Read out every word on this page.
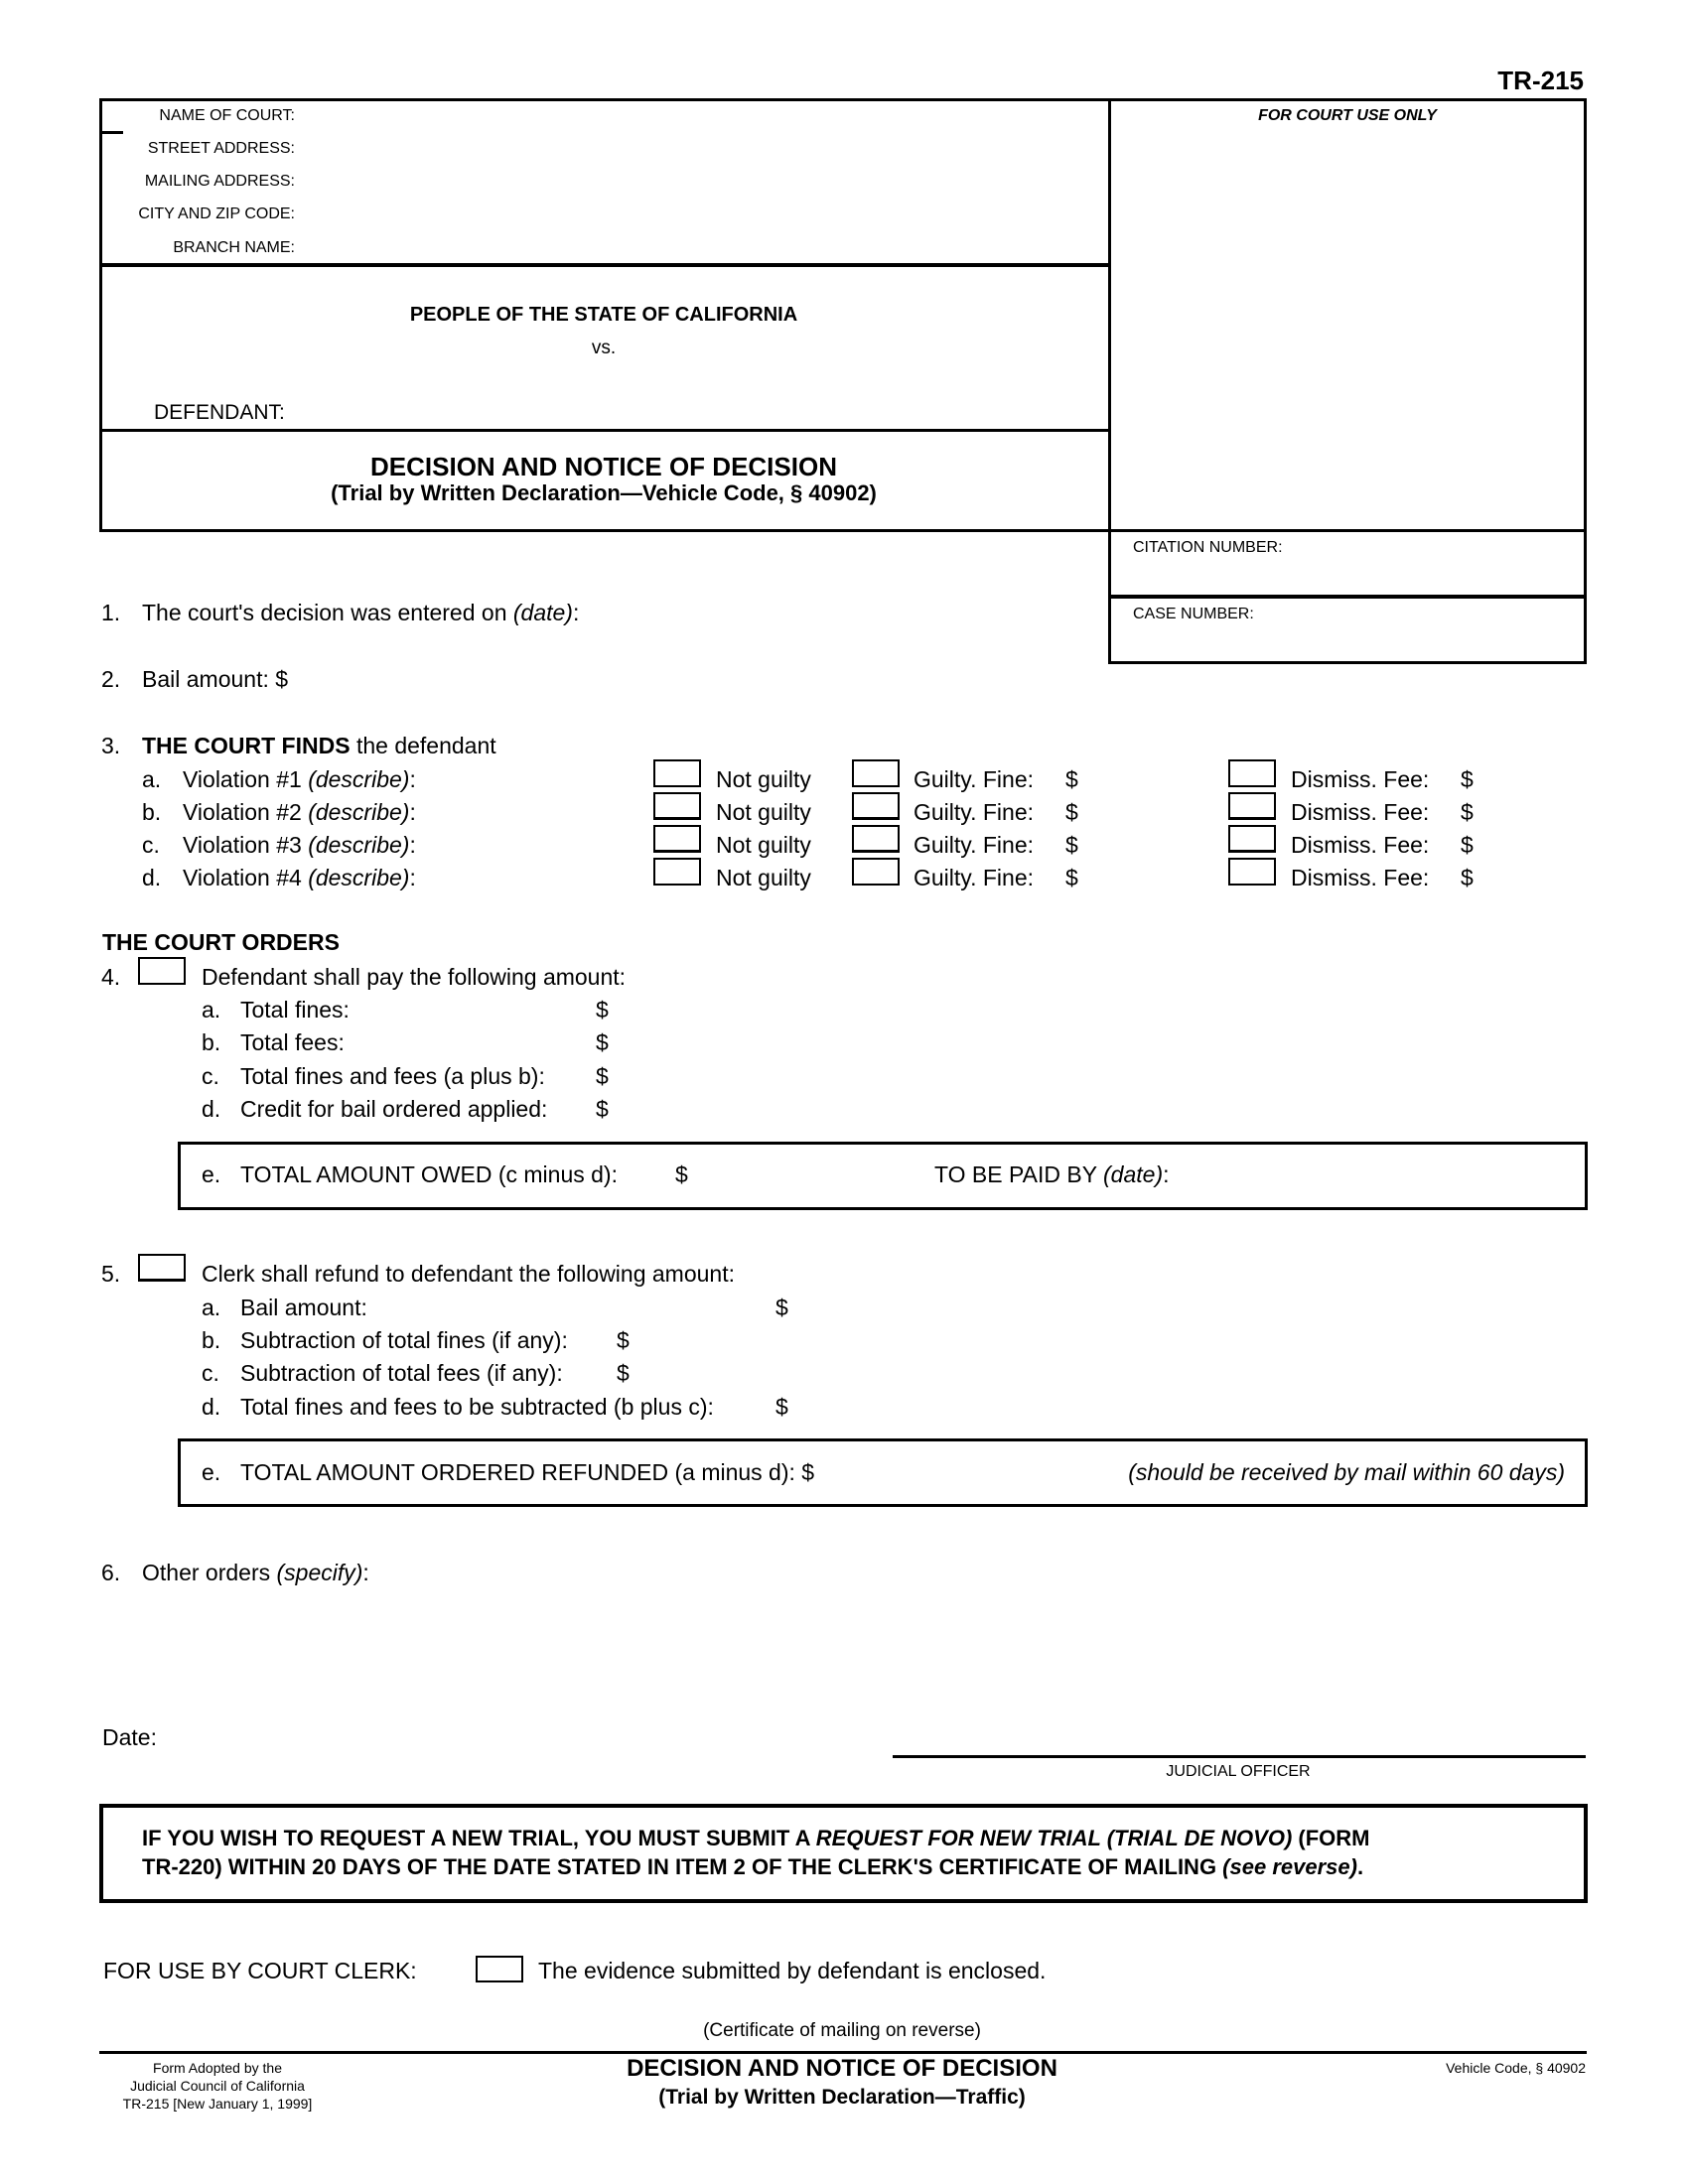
TR-215
NAME OF COURT:
STREET ADDRESS:
MAILING ADDRESS:
CITY AND ZIP CODE:
BRANCH NAME:
FOR COURT USE ONLY
PEOPLE OF THE STATE OF CALIFORNIA
vs.
DEFENDANT:
DECISION AND NOTICE OF DECISION
(Trial by Written Declaration—Vehicle Code, § 40902)
CITATION NUMBER:
CASE NUMBER:
1. The court's decision was entered on (date):
2. Bail amount: $
3. THE COURT FINDS the defendant
a. Violation #1 (describe):	Not guilty	Guilty. Fine: $	Dismiss. Fee: $
b. Violation #2 (describe):	Not guilty	Guilty. Fine: $	Dismiss. Fee: $
c. Violation #3 (describe):	Not guilty	Guilty. Fine: $	Dismiss. Fee: $
d. Violation #4 (describe):	Not guilty	Guilty. Fine: $	Dismiss. Fee: $
THE COURT ORDERS
4.	Defendant shall pay the following amount:
a. Total fines:	$
b. Total fees:	$
c. Total fines and fees (a plus b): $
d. Credit for bail ordered applied: $
e. TOTAL AMOUNT OWED (c minus d):	$	TO BE PAID BY (date):
5.	Clerk shall refund to defendant the following amount:
a. Bail amount:	$
b. Subtraction of total fines (if any): $
c. Subtraction of total fees (if any): $
d. Total fines and fees to be subtracted (b plus c):	$
e. TOTAL AMOUNT ORDERED REFUNDED (a minus d): $	(should be received by mail within 60 days)
6. Other orders (specify):
Date:
JUDICIAL OFFICER
IF YOU WISH TO REQUEST A NEW TRIAL, YOU MUST SUBMIT A REQUEST FOR NEW TRIAL (TRIAL DE NOVO) (FORM
TR-220) WITHIN 20 DAYS OF THE DATE STATED IN ITEM 2 OF THE CLERK'S CERTIFICATE OF MAILING (see reverse).
FOR USE BY COURT CLERK:	The evidence submitted by defendant is enclosed.
(Certificate of mailing on reverse)
Form Adopted by the
Judicial Council of California
TR-215 [New January 1, 1999]
DECISION AND NOTICE OF DECISION
(Trial by Written Declaration—Traffic)
Vehicle Code, § 40902
